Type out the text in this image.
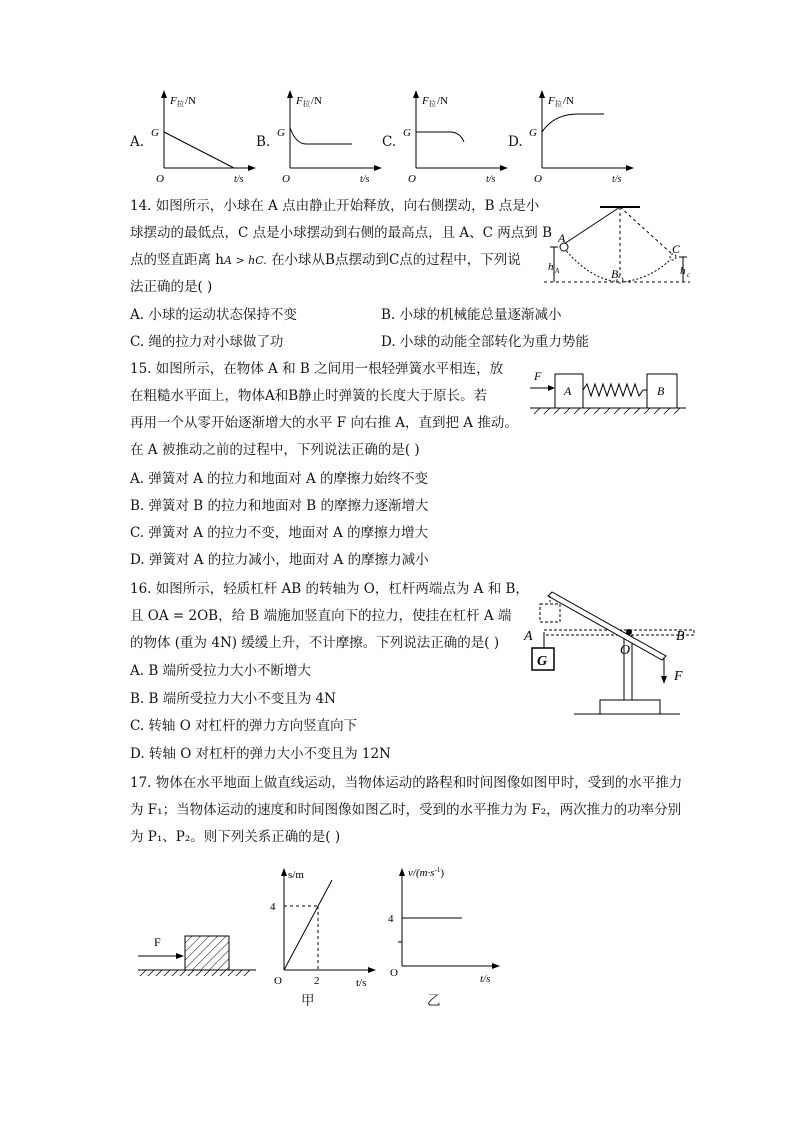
A.
F 拉 /N
G
O	t/s
B.
F 拉 /N
G
O	t/s
C.
F 拉 /N
G
O	t/s
D.
F 拉 /N
G
O	t/s
14. 如图所示，小球在 A 点由静止开始释放，向右侧摆动，B 点是小
球摆动的最低点，C 点是小球摆动到右侧的最高点，且 A、C 两点到 B
点的竖直距离 hA > hC. 在小球从B点摆动到C点的过程中，下列说
法正确的是( )
A
B
C
h A	h c
A. 小球的运动状态保持不变	B. 小球的机械能总量逐渐减小
C. 绳的拉力对小球做了功	D. 小球的动能全部转化为重力势能
15. 如图所示，在物体 A 和 B 之间用一根轻弹簧水平相连，放
在粗糙水平面上，物体A和B静止时弹簧的长度大于原长。若
再用一个从零开始逐渐增大的水平 F 向右推 A，直到把 A 推动。
在 A 被推动之前的过程中，下列说法正确的是( )
F
A	B
A. 弹簧对 A 的拉力和地面对 A 的摩擦力始终不变
B. 弹簧对 B 的拉力和地面对 B 的摩擦力逐渐增大
C. 弹簧对 A 的拉力不变，地面对 A 的摩擦力增大
D. 弹簧对 A 的拉力减小，地面对 A 的摩擦力减小
16. 如图所示，轻质杠杆 AB 的转轴为 O，杠杆两端点为 A 和 B，
且 OA = 2OB，给 B 端施加竖直向下的拉力，使挂在杠杆 A 端
的物体 (重为 4N) 缓缓上升，不计摩擦。下列说法正确的是( )
G
A
O
B
F
A. B 端所受拉力大小不断增大
B. B 端所受拉力大小不变且为 4N
C. 转轴 O 对杠杆的弹力方向竖直向下
D. 转轴 O 对杠杆的弹力大小不变且为 12N
17. 物体在水平地面上做直线运动，当物体运动的路程和时间图像如图甲时，受到的水平推力
为 F₁；当物体运动的速度和时间图像如图乙时，受到的水平推力为 F₂，两次推力的功率分别
为 P₁、P₂。则下列关系正确的是( )
F
s/m
4
2
O	t/s
甲
$v/(m\cdot s^{-1})$
4
O	t/s
乙
